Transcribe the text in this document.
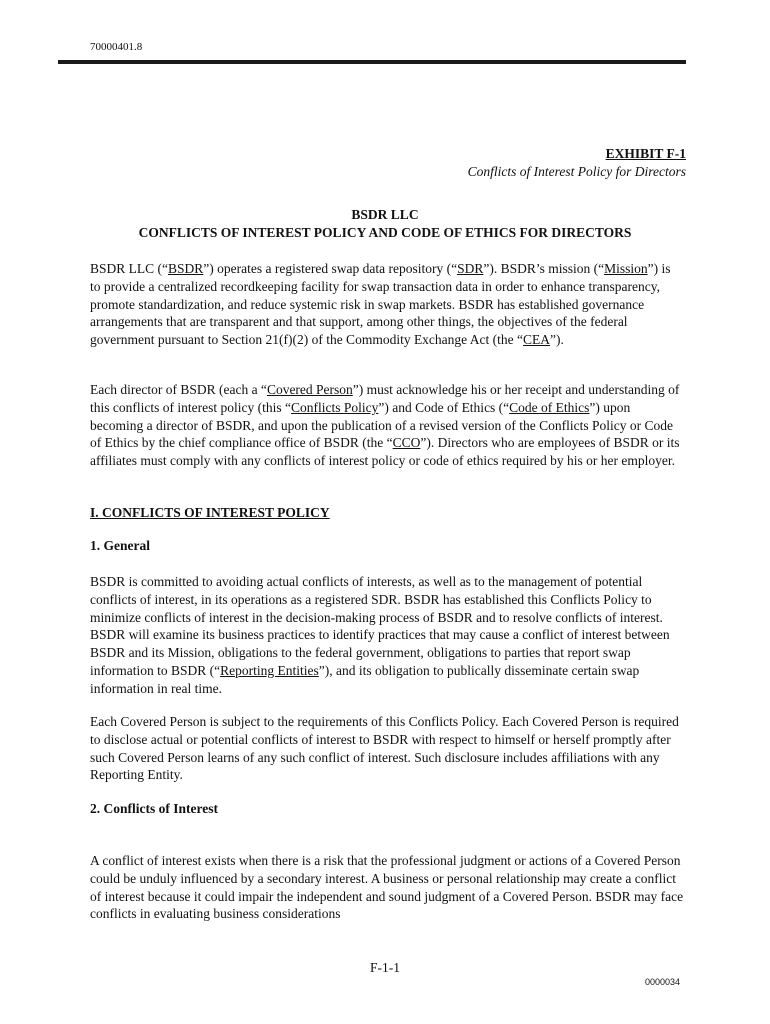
70000401.8
EXHIBIT F-1
Conflicts of Interest Policy for Directors
BSDR LLC
CONFLICTS OF INTEREST POLICY AND CODE OF ETHICS FOR DIRECTORS
BSDR LLC (“BSDR”) operates a registered swap data repository (“SDR”). BSDR’s mission (“Mission”) is to provide a centralized recordkeeping facility for swap transaction data in order to enhance transparency, promote standardization, and reduce systemic risk in swap markets. BSDR has established governance arrangements that are transparent and that support, among other things, the objectives of the federal government pursuant to Section 21(f)(2) of the Commodity Exchange Act (the “CEA”).
Each director of BSDR (each a “Covered Person”) must acknowledge his or her receipt and understanding of this conflicts of interest policy (this “Conflicts Policy”) and Code of Ethics (“Code of Ethics”) upon becoming a director of BSDR, and upon the publication of a revised version of the Conflicts Policy or Code of Ethics by the chief compliance office of BSDR (the “CCO”). Directors who are employees of BSDR or its affiliates must comply with any conflicts of interest policy or code of ethics required by his or her employer.
I. CONFLICTS OF INTEREST POLICY
1. General
BSDR is committed to avoiding actual conflicts of interests, as well as to the management of potential conflicts of interest, in its operations as a registered SDR. BSDR has established this Conflicts Policy to minimize conflicts of interest in the decision-making process of BSDR and to resolve conflicts of interest. BSDR will examine its business practices to identify practices that may cause a conflict of interest between BSDR and its Mission, obligations to the federal government, obligations to parties that report swap information to BSDR (“Reporting Entities”), and its obligation to publically disseminate certain swap information in real time.
Each Covered Person is subject to the requirements of this Conflicts Policy. Each Covered Person is required to disclose actual or potential conflicts of interest to BSDR with respect to himself or herself promptly after such Covered Person learns of any such conflict of interest. Such disclosure includes affiliations with any Reporting Entity.
2. Conflicts of Interest
A conflict of interest exists when there is a risk that the professional judgment or actions of a Covered Person could be unduly influenced by a secondary interest. A business or personal relationship may create a conflict of interest because it could impair the independent and sound judgment of a Covered Person. BSDR may face conflicts in evaluating business considerations
F-1-1
0000034
